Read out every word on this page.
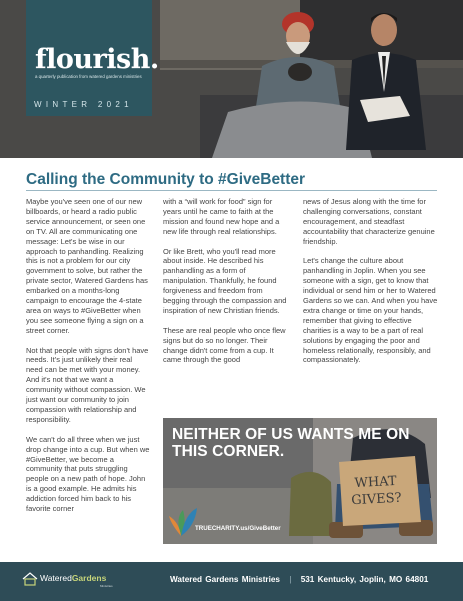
flourish.
a quarterly publication from watered gardens ministries
WINTER 2021
Calling the Community to #GiveBetter

Maybe you've seen one of our new billboards, or heard a radio public service announcement, or seen one on TV. All are communicating one message: Let's be wise in our approach to panhandling. Realizing this is not a problem for our city government to solve, but rather the private sector, Watered Gardens has embarked on a months-long campaign to encourage the 4-state area on ways to #GiveBetter when you see someone flying a sign on a street corner.

Not that people with signs don't have needs. It's just unlikely their real need can be met with your money. And it's not that we want a community without compassion. We just want our community to join compassion with relationship and responsibility.

We can't do all three when we just drop change into a cup. But when we #GiveBetter, we become a community that puts struggling people on a new path of hope. John is a good example. He admits his addiction forced him back to his favorite corner

with a “will work for food” sign for years until he came to faith at the mission and found new hope and a new life through real relationships.

Or like Brett, who you'll read more about inside. He described his panhandling as a form of manipulation. Thankfully, he found forgiveness and freedom from begging through the compassion and inspiration of new Christian friends.

These are real people who once flew signs but do so no longer. Their change didn't come from a cup. It came through the good

news of Jesus along with the time for challenging conversations, constant encouragement, and steadfast accountability that characterize genuine friendship.

Let's change the culture about panhandling in Joplin. When you see someone with a sign, get to know that individual or send him or her to Watered Gardens so we can. And when you have extra change or time on your hands, remember that giving to effective charities is a way to be a part of real solutions by engaging the poor and homeless relationally, responsibly, and compassionately.

NEITHER OF US WANTS ME ON THIS CORNER.
WHAT GIVES?
TRUECHARITY.us/GiveBetter
WateredGardens
Ministries
Watered Gardens Ministries | 531 Kentucky, Joplin, MO 64801
